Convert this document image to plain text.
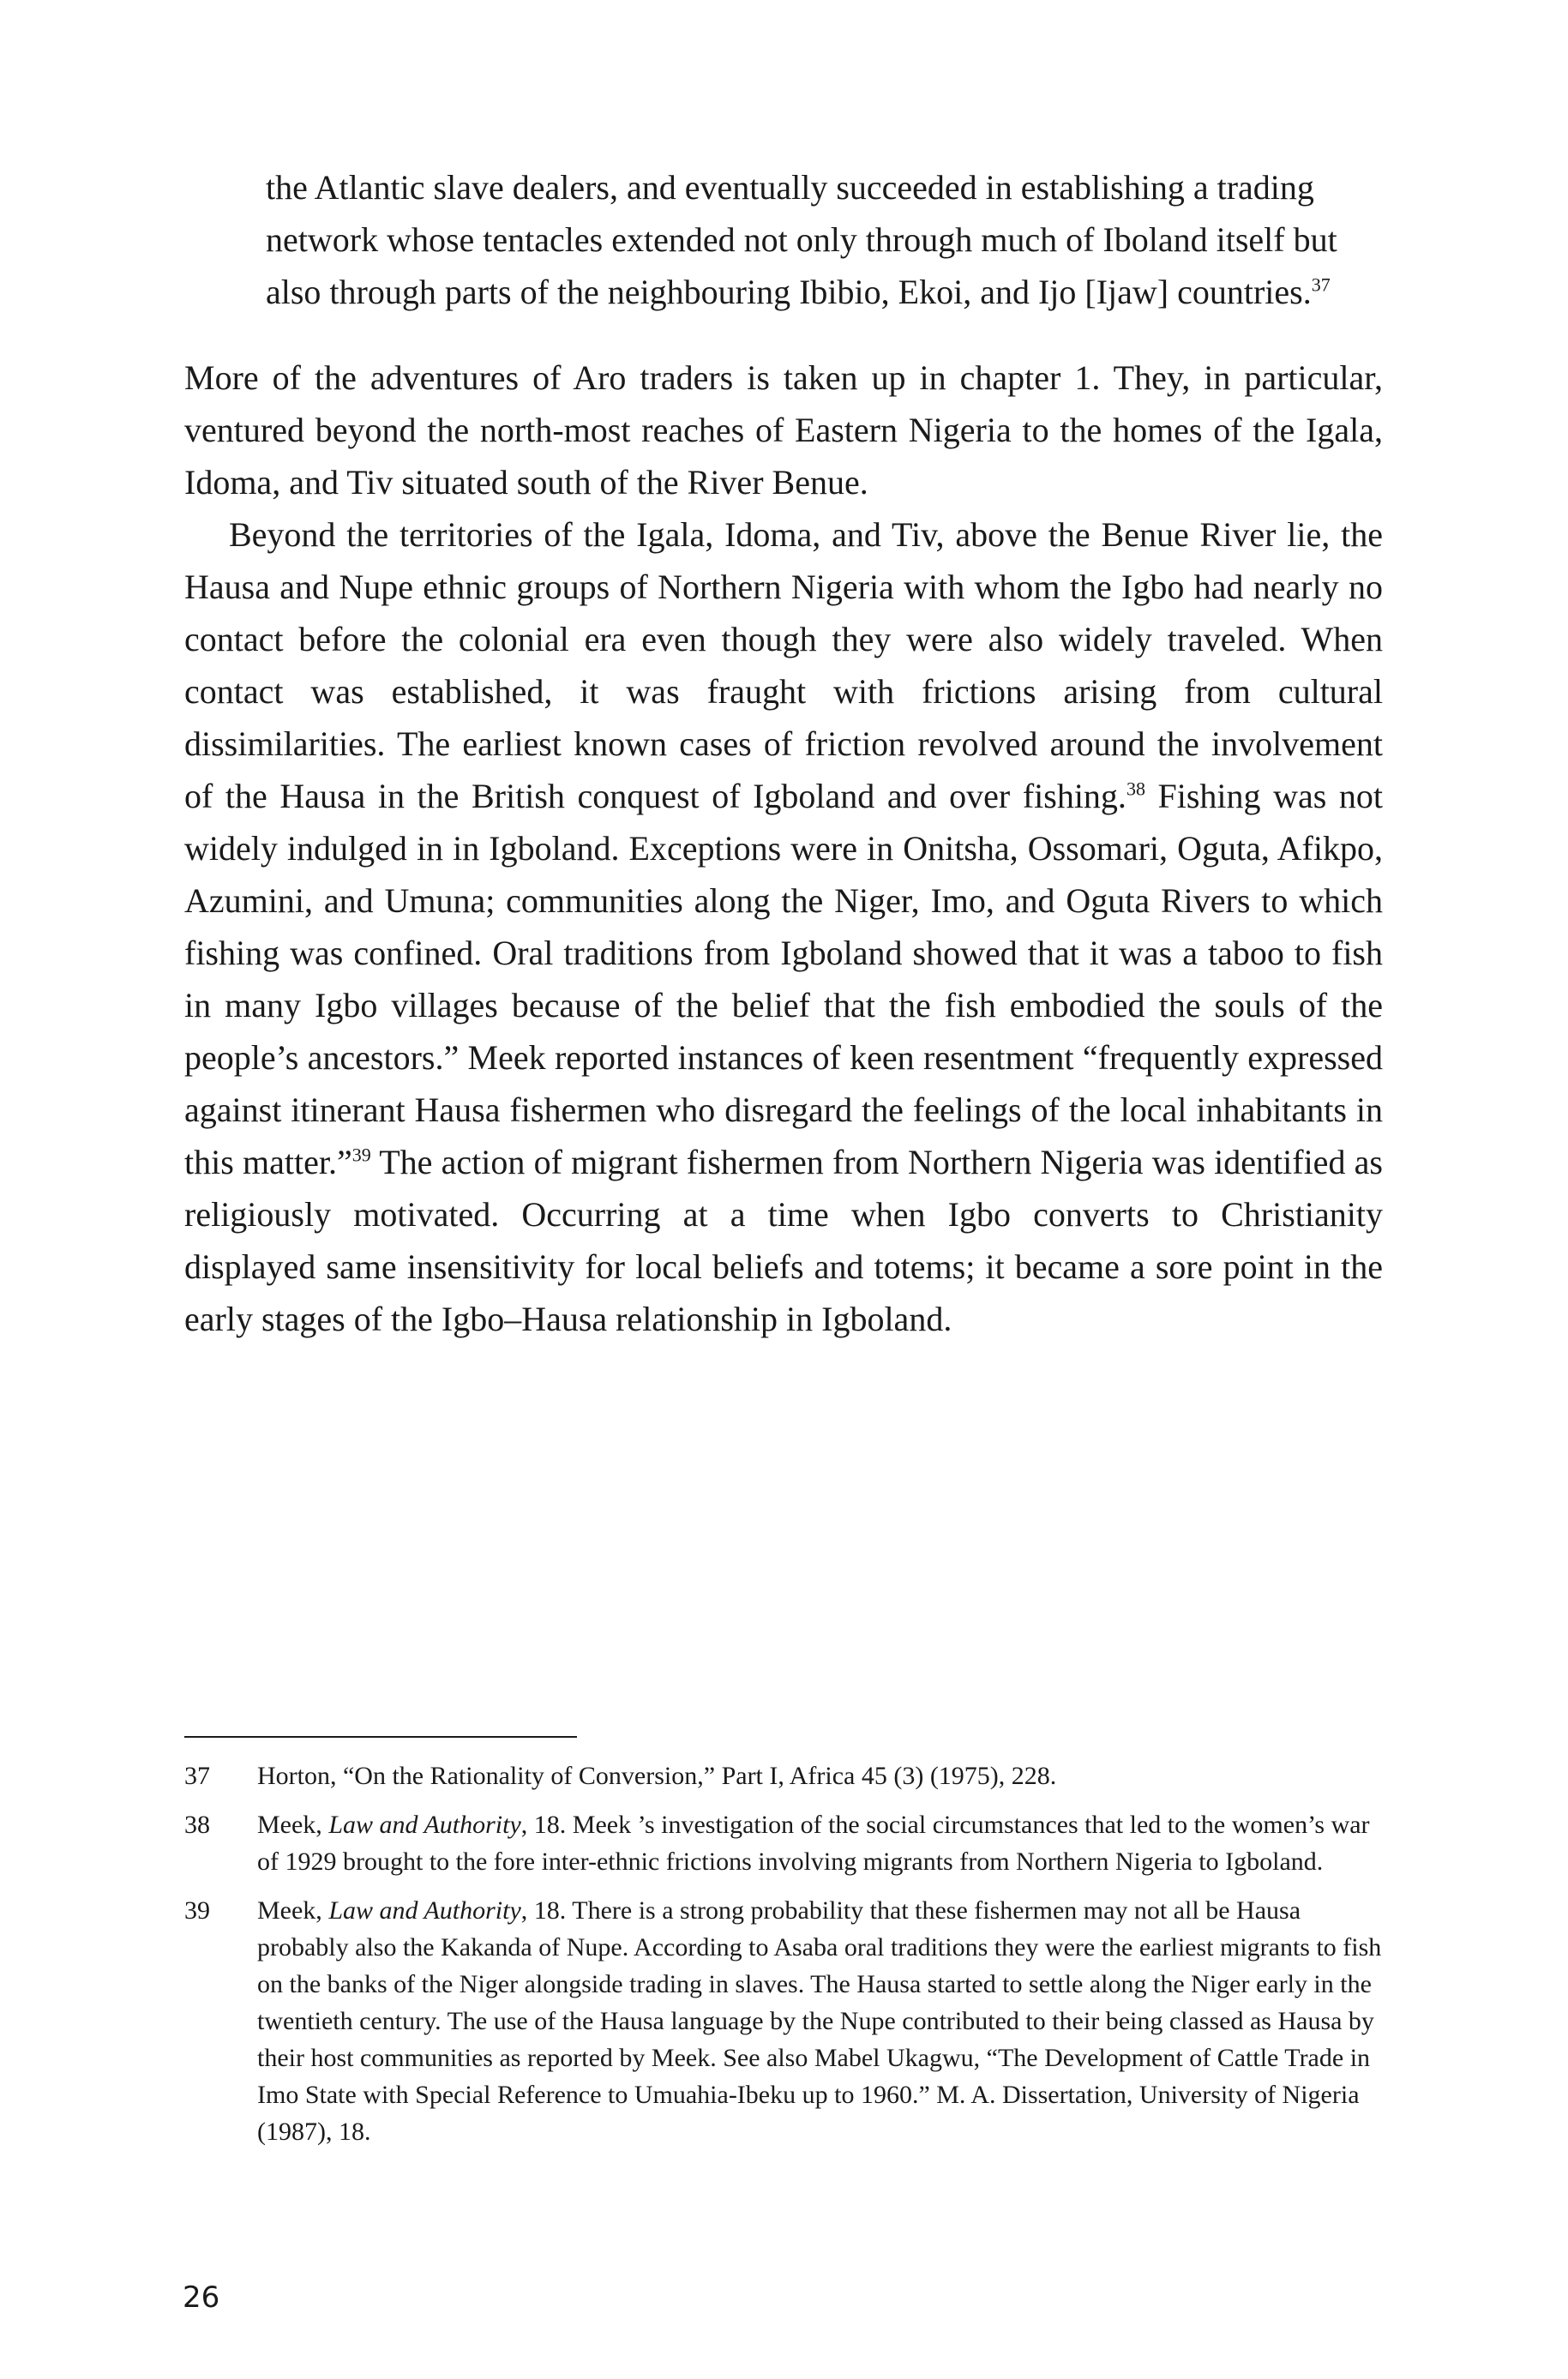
the Atlantic slave dealers, and eventually succeeded in establishing a trading network whose tentacles extended not only through much of Iboland itself but also through parts of the neighbouring Ibibio, Ekoi, and Ijo [Ijaw] countries.$^{37}$

More of the adventures of Aro traders is taken up in chapter 1. They, in particular, ventured beyond the north-most reaches of Eastern Nigeria to the homes of the Igala, Idoma, and Tiv situated south of the River Benue.

Beyond the territories of the Igala, Idoma, and Tiv, above the Benue River lie, the Hausa and Nupe ethnic groups of Northern Nigeria with whom the Igbo had nearly no contact before the colonial era even though they were also widely traveled. When contact was established, it was fraught with frictions arising from cultural dissimilarities. The earliest known cases of friction revolved around the involvement of the Hausa in the British conquest of Igboland and over fishing.$^{38}$ Fishing was not widely indulged in in Igboland. Exceptions were in Onitsha, Ossomari, Oguta, Afikpo, Azumini, and Umuna; communities along the Niger, Imo, and Oguta Rivers to which fishing was confined. Oral traditions from Igboland showed that it was a taboo to fish in many Igbo villages because of the belief that the fish embodied the souls of the people’s ancestors.” Meek reported instances of keen resentment “frequently expressed against itinerant Hausa fishermen who disregard the feelings of the local inhabitants in this matter.”$^{39}$ The action of migrant fishermen from Northern Nigeria was identified as religiously motivated. Occurring at a time when Igbo converts to Christianity displayed same insensitivity for local beliefs and totems; it became a sore point in the early stages of the Igbo–Hausa relationship in Igboland.

37 Horton, “On the Rationality of Conversion,” Part I, Africa 45 (3) (1975), 228.
38 Meek, Law and Authority, 18. Meek ’s investigation of the social circumstances that led to the women’s war of 1929 brought to the fore inter-ethnic frictions involving migrants from Northern Nigeria to Igboland.
39 Meek, Law and Authority, 18. There is a strong probability that these fishermen may not all be Hausa probably also the Kakanda of Nupe. According to Asaba oral traditions they were the earliest migrants to fish on the banks of the Niger alongside trading in slaves. The Hausa started to settle along the Niger early in the twentieth century. The use of the Hausa language by the Nupe contributed to their being classed as Hausa by their host communities as reported by Meek. See also Mabel Ukagwu, “The Development of Cattle Trade in Imo State with Special Reference to Umuahia-Ibeku up to 1960.” M. A. Dissertation, University of Nigeria (1987), 18.
26
